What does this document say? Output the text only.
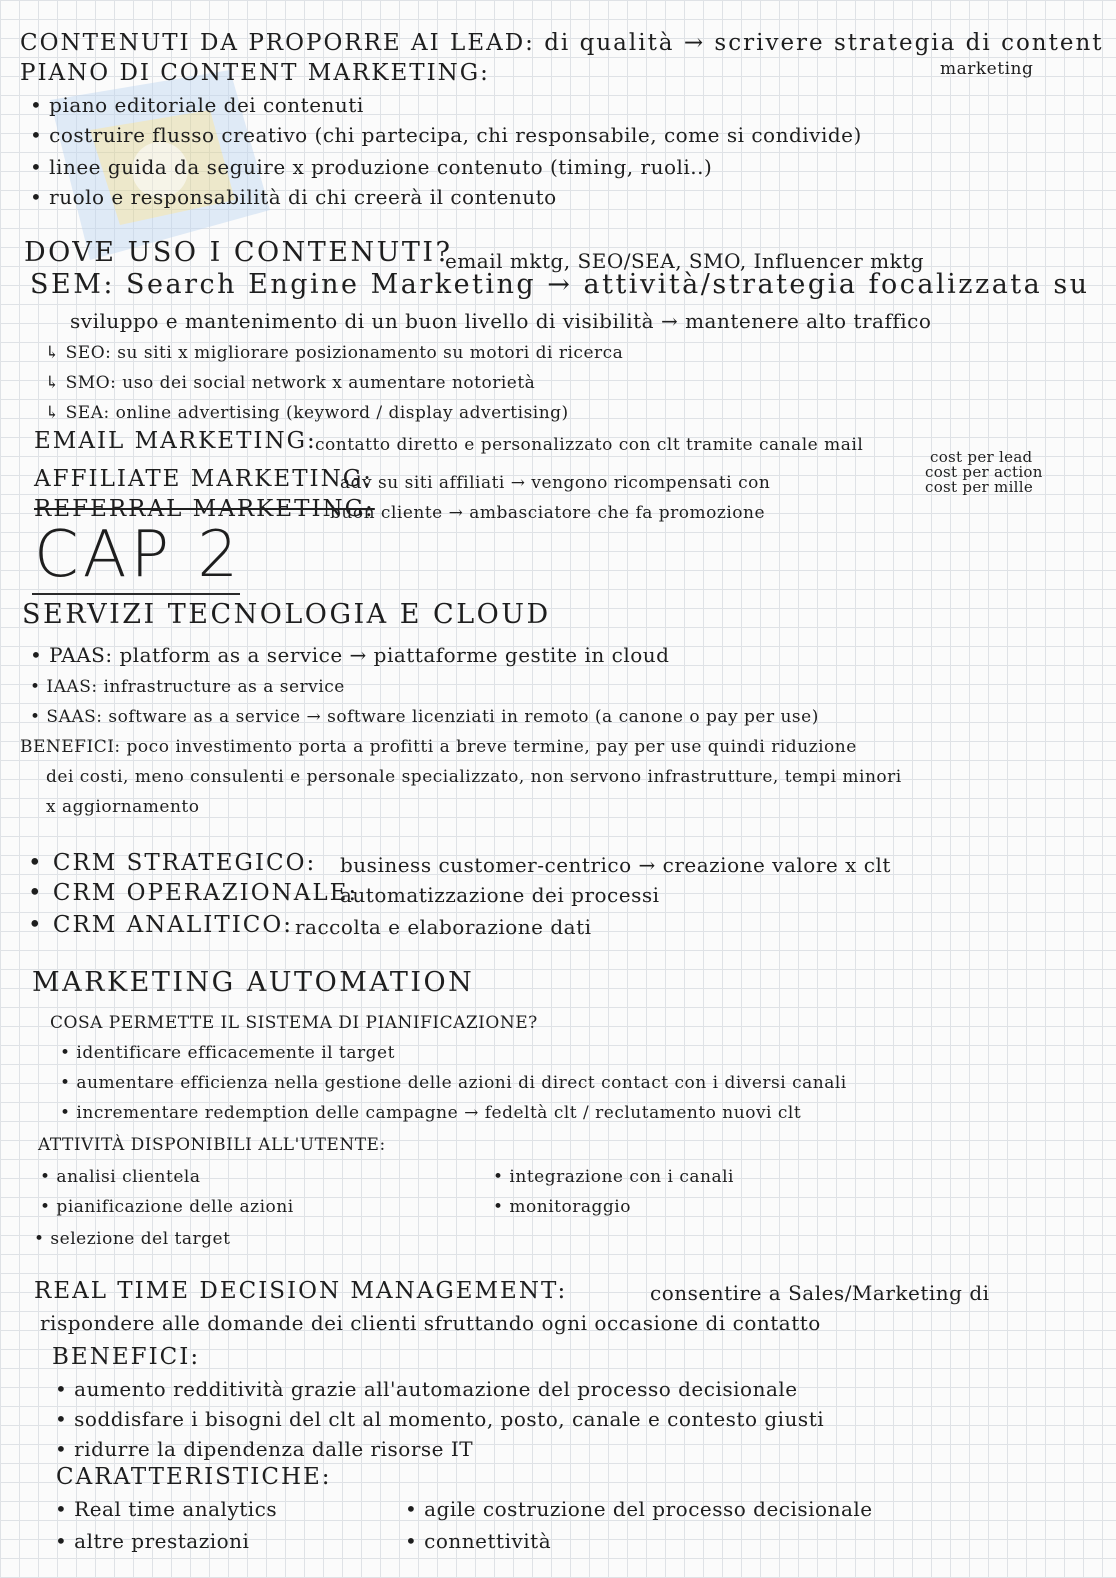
CONTENUTI DA PROPORRE AI LEAD: di qualità → scrivere strategia di content
marketing
PIANO DI CONTENT MARKETING:
• piano editoriale dei contenuti
• costruire flusso creativo (chi partecipa, chi responsabile, come si condivide)
• linee guida da seguire x produzione contenuto (timing, ruoli..)
• ruolo e responsabilità di chi creerà il contenuto
DOVE USO I CONTENUTI?
email mktg, SEO/SEA, SMO, Influencer mktg
SEM: Search Engine Marketing → attività/strategia focalizzata su
sviluppo e mantenimento di un buon livello di visibilità → mantenere alto traffico
↳ SEO: su siti x migliorare posizionamento su motori di ricerca
↳ SMO: uso dei social network x aumentare notorietà
↳ SEA: online advertising (keyword / display advertising)
EMAIL MARKETING:
contatto diretto e personalizzato con clt tramite canale mail
AFFILIATE MARKETING:
adv su siti affiliati → vengono ricompensati con
cost per lead
cost per action
cost per mille
REFERRAL MARKETING:
buon cliente → ambasciatore che fa promozione
CAP 2
SERVIZI TECNOLOGIA E CLOUD
• PAAS: platform as a service → piattaforme gestite in cloud
• IAAS: infrastructure as a service
• SAAS: software as a service → software licenziati in remoto (a canone o pay per use)
BENEFICI: poco investimento porta a profitti a breve termine, pay per use quindi riduzione
dei costi, meno consulenti e personale specializzato, non servono infrastrutture, tempi minori
x aggiornamento
• CRM STRATEGICO: business customer-centrico → creazione valore x clt
• CRM OPERAZIONALE:
automatizzazione dei processi
• CRM ANALITICO: raccolta e elaborazione dati
MARKETING AUTOMATION
COSA PERMETTE IL SISTEMA DI PIANIFICAZIONE?
• identificare efficacemente il target
• aumentare efficienza nella gestione delle azioni di direct contact con i diversi canali
• incrementare redemption delle campagne → fedeltà clt / reclutamento nuovi clt
ATTIVITÀ DISPONIBILI ALL'UTENTE:
• analisi clientela	• integrazione con i canali
• pianificazione delle azioni	• monitoraggio
• selezione del target
REAL TIME DECISION MANAGEMENT:	consentire a Sales/Marketing di
rispondere alle domande dei clienti sfruttando ogni occasione di contatto
BENEFICI:
• aumento redditività grazie all'automazione del processo decisionale
• soddisfare i bisogni del clt al momento, posto, canale e contesto giusti
• ridurre la dipendenza dalle risorse IT
CARATTERISTICHE:
• Real time analytics	• agile costruzione del processo decisionale
• altre prestazioni	• connettività
